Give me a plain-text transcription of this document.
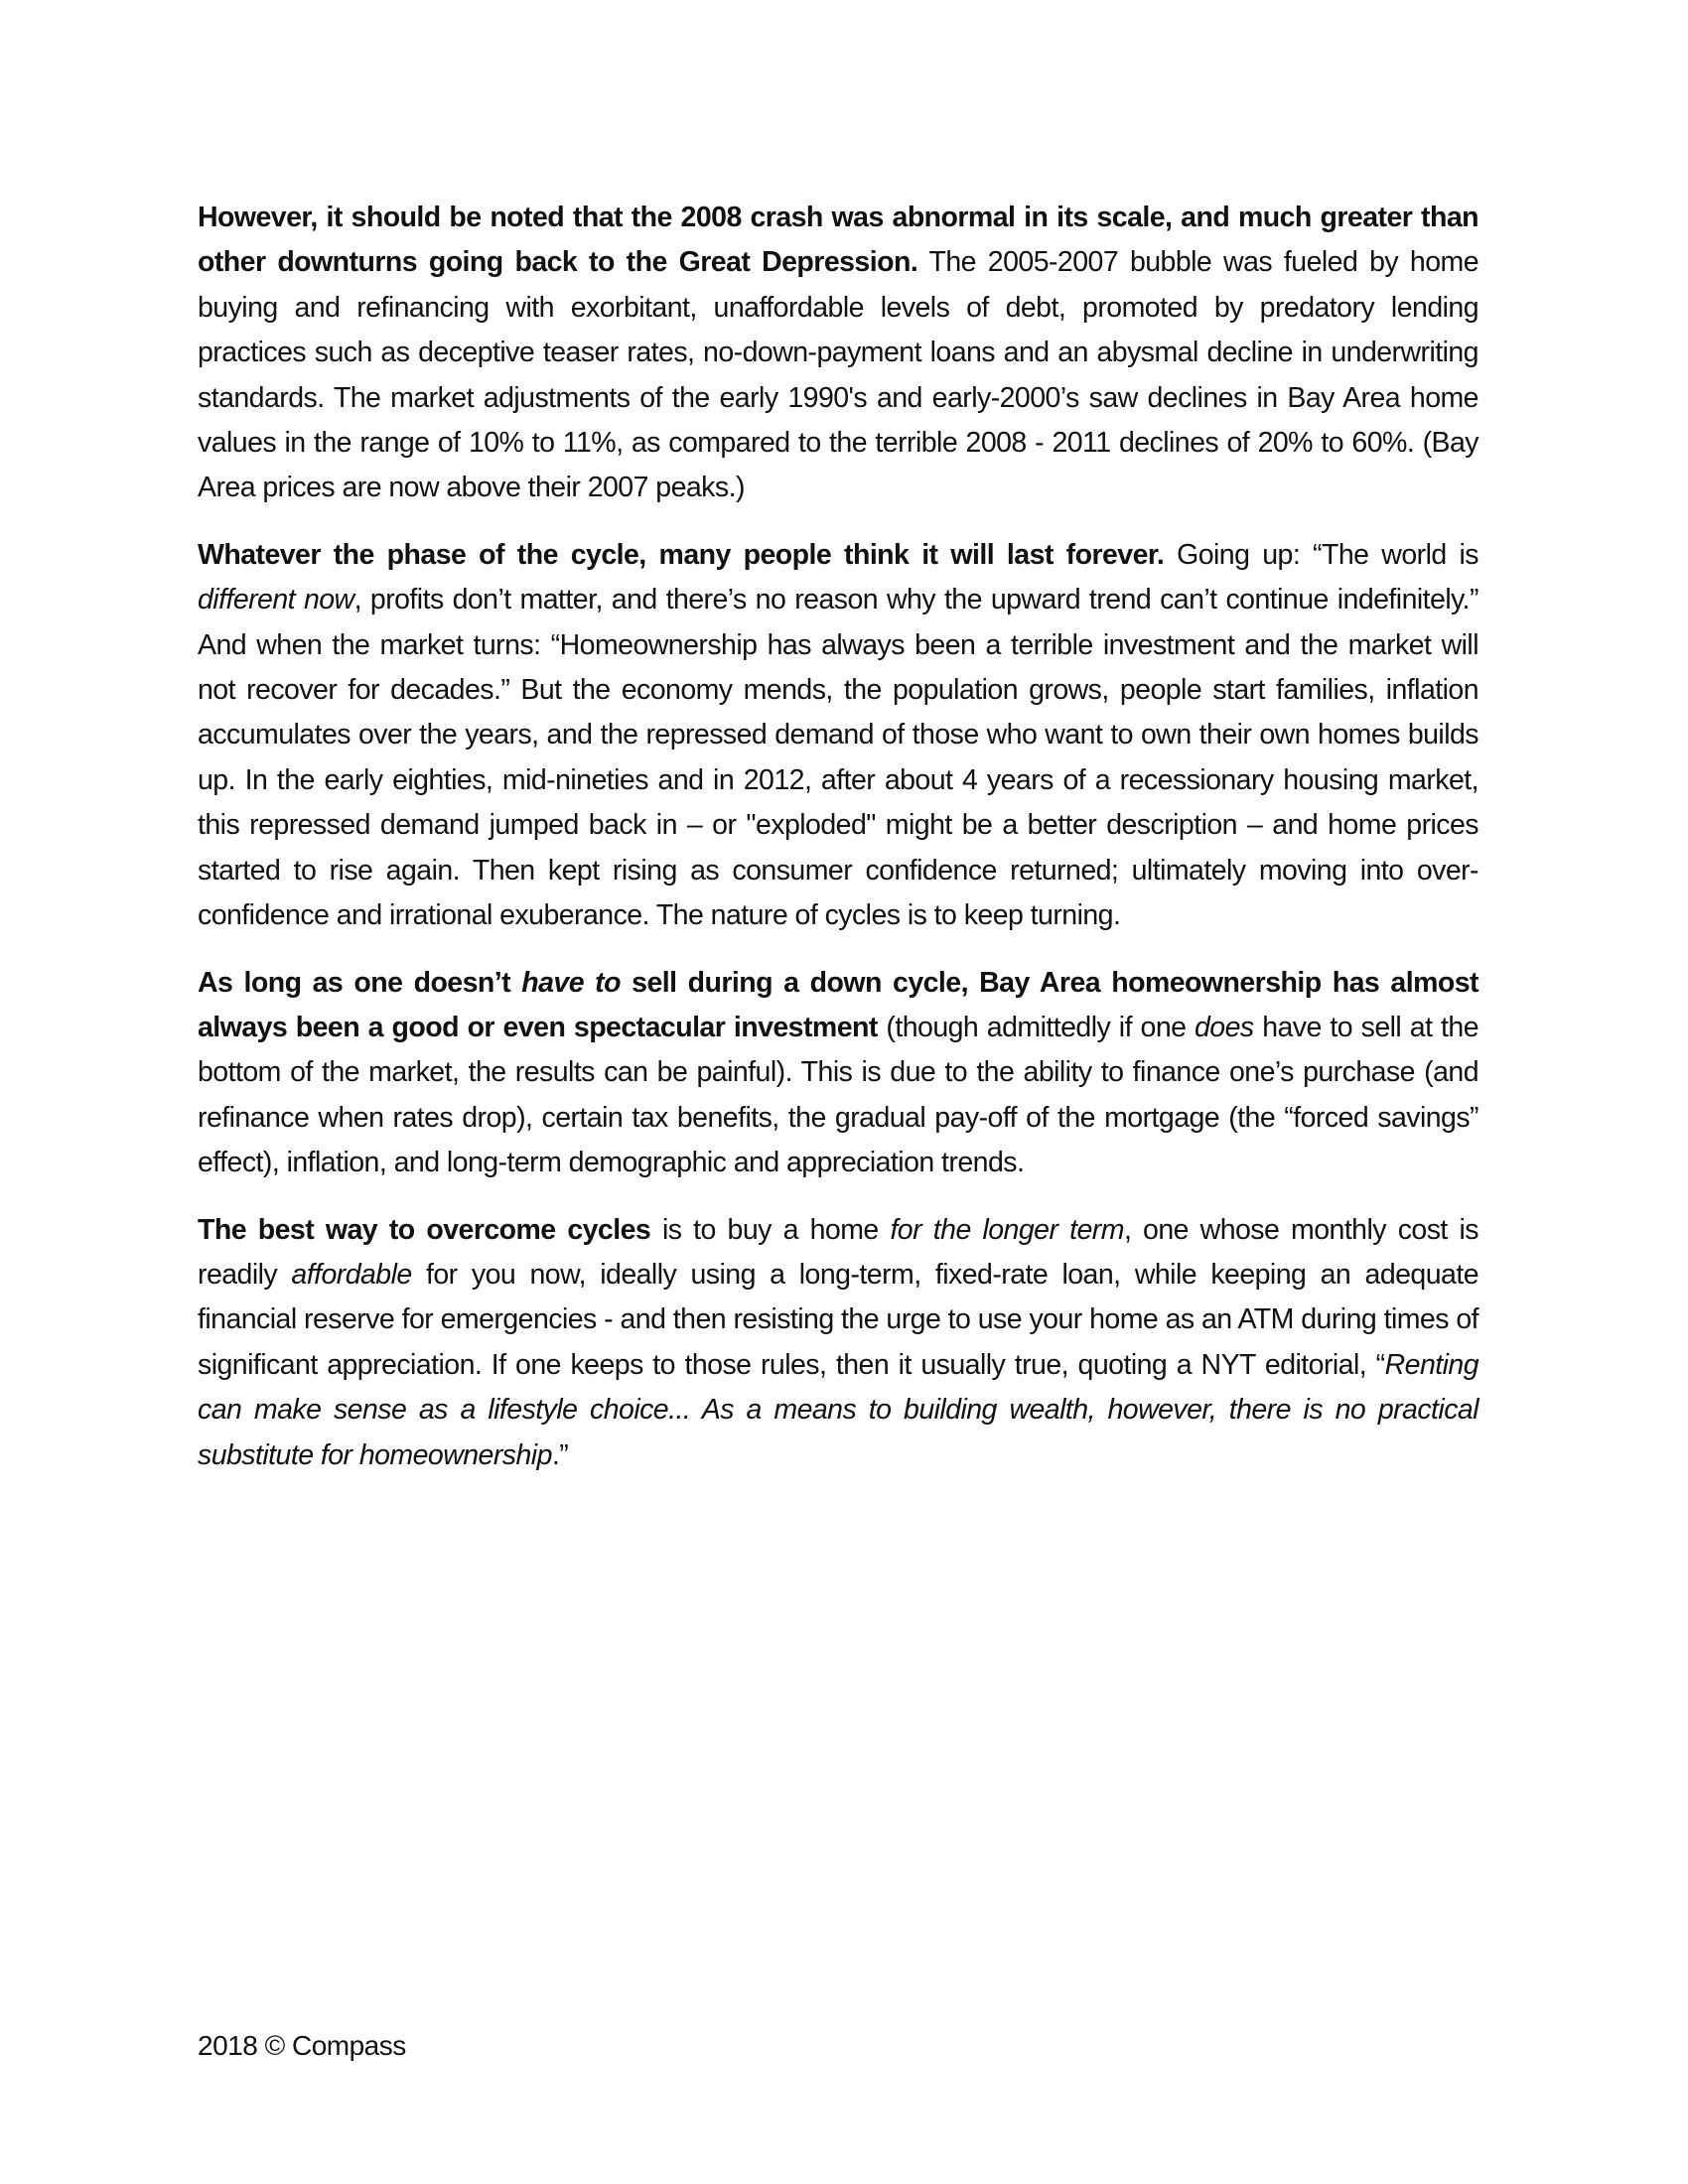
However, it should be noted that the 2008 crash was abnormal in its scale, and much greater than other downturns going back to the Great Depression. The 2005-2007 bubble was fueled by home buying and refinancing with exorbitant, unaffordable levels of debt, promoted by predatory lending practices such as deceptive teaser rates, no-down-payment loans and an abysmal decline in underwriting standards. The market adjustments of the early 1990's and early-2000’s saw declines in Bay Area home values in the range of 10% to 11%, as compared to the terrible 2008 - 2011 declines of 20% to 60%. (Bay Area prices are now above their 2007 peaks.)

Whatever the phase of the cycle, many people think it will last forever. Going up: “The world is different now, profits don’t matter, and there’s no reason why the upward trend can’t continue indefinitely.” And when the market turns: “Homeownership has always been a terrible investment and the market will not recover for decades.” But the economy mends, the population grows, people start families, inflation accumulates over the years, and the repressed demand of those who want to own their own homes builds up. In the early eighties, mid-nineties and in 2012, after about 4 years of a recessionary housing market, this repressed demand jumped back in – or "exploded" might be a better description – and home prices started to rise again. Then kept rising as consumer confidence returned; ultimately moving into over-confidence and irrational exuberance. The nature of cycles is to keep turning.

As long as one doesn’t have to sell during a down cycle, Bay Area homeownership has almost always been a good or even spectacular investment (though admittedly if one does have to sell at the bottom of the market, the results can be painful). This is due to the ability to finance one’s purchase (and refinance when rates drop), certain tax benefits, the gradual pay-off of the mortgage (the “forced savings” effect), inflation, and long-term demographic and appreciation trends.

The best way to overcome cycles is to buy a home for the longer term, one whose monthly cost is readily affordable for you now, ideally using a long-term, fixed-rate loan, while keeping an adequate financial reserve for emergencies - and then resisting the urge to use your home as an ATM during times of significant appreciation. If one keeps to those rules, then it usually true, quoting a NYT editorial, “Renting can make sense as a lifestyle choice... As a means to building wealth, however, there is no practical substitute for homeownership.”

2018 © Compass
